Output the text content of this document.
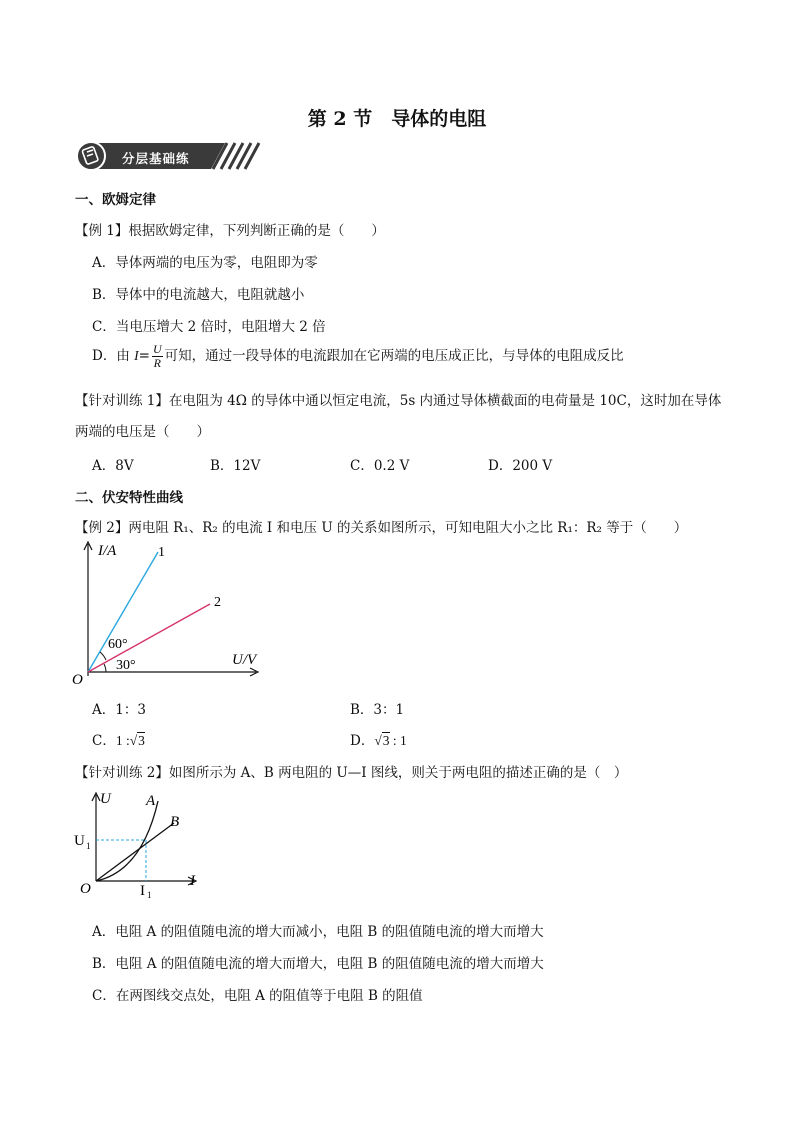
第 2 节　导体的电阻
分层基础练
一、欧姆定律
【例 1】根据欧姆定律，下列判断正确的是（　　）
A．导体两端的电压为零，电阻即为零
B．导体中的电流越大，电阻就越小
C．当电压增大 2 倍时，电阻增大 2 倍
D．由 $I= \frac{U}{R}$ 可知，通过一段导体的电流跟加在它两端的电压成正比，与导体的电阻成反比
【针对训练 1】在电阻为 4Ω 的导体中通以恒定电流，5s 内通过导体横截面的电荷量是 10C，这时加在导体
两端的电压是（　　）
A．8V	B．12V	C．0.2 V	D．200 V
二、伏安特性曲线
【例 2】两电阻 R₁、R₂ 的电流 I 和电压 U 的关系如图所示，可知电阻大小之比 R₁：R₂ 等于（　　）
I/A
U/V
O
1
2
60°
30°
A．1：3	B．3：1
C．1 :√3	D．√3 : 1
【针对训练 2】如图所示为 A、B 两电阻的 U—I 图线，则关于两电阻的描述正确的是（　）
U
I
O
A
B
U 1
I 1
A．电阻 A 的阻值随电流的增大而减小，电阻 B 的阻值随电流的增大而增大
B．电阻 A 的阻值随电流的增大而增大，电阻 B 的阻值随电流的增大而增大
C．在两图线交点处，电阻 A 的阻值等于电阻 B 的阻值
